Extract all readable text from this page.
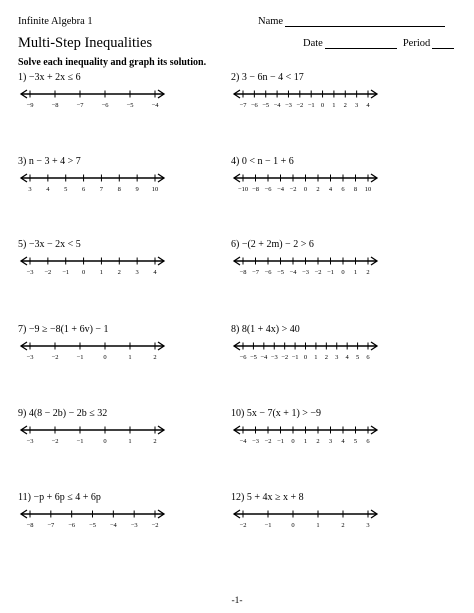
Infinite Algebra 1	Name
Multi-Step Inequalities	Date	Period
Solve each inequality and graph its solution.
1) −3x + 2x ≤ 6
−9	−8	−7	−6	−5	−4
2) 3 − 6n − 4 < 17
−7 −6 −5 −4 −3 −2 −1 0 1 2 3 4
3) n − 3 + 4 > 7
3 4 5 6 7 8 9 10
4) 0 < n − 1 + 6
−10 −8 −6 −4 −2 0 2 4 6 8 10
5) −3x − 2x < 5
−3 −2 −1 0 1 2 3 4
6) −(2 + 2m) − 2 > 6
−8 −7 −6 −5 −4 −3 −2 −1 0 1 2
7) −9 ≥ −8(1 + 6v) − 1
−3	−2	−1	0	1	2
8) 8(1 + 4x) > 40
−6 −5 −4 −3 −2 −1 0 1 2 3 4 5 6
9) 4(8 − 2b) − 2b ≤ 32
−3	−2	−1	0	1	2
10) 5x − 7(x + 1) > −9
−4 −3 −2 −1 0 1 2 3 4 5 6
11) −p + 6p ≤ 4 + 6p
−8 −7 −6 −5 −4 −3 −2
12) 5 + 4x ≥ x + 8
−2	−1	0	1	2	3
-1-
